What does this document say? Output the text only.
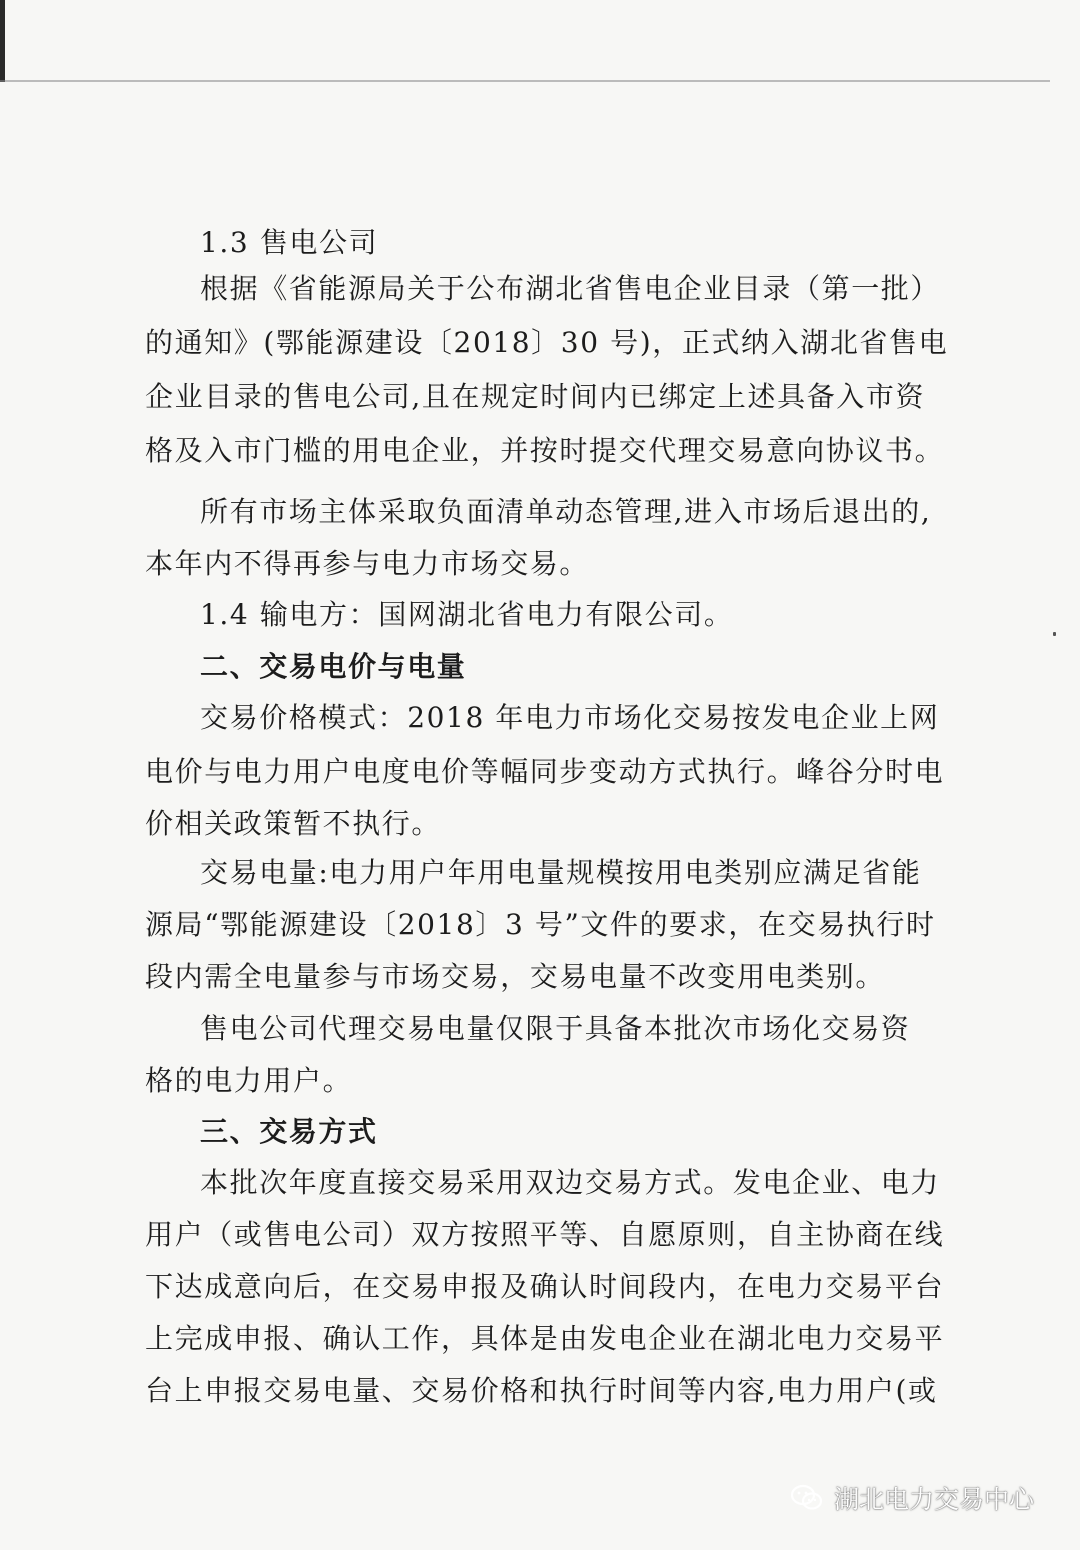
1.3 售电公司
根据《省能源局关于公布湖北省售电企业目录（第一批）
的通知》(鄂能源建设〔2018〕30 号)，正式纳入湖北省售电
企业目录的售电公司,且在规定时间内已绑定上述具备入市资
格及入市门槛的用电企业，并按时提交代理交易意向协议书。
所有市场主体采取负面清单动态管理,进入市场后退出的,
本年内不得再参与电力市场交易。
1.4 输电方：国网湖北省电力有限公司。
二、交易电价与电量
交易价格模式：2018 年电力市场化交易按发电企业上网
电价与电力用户电度电价等幅同步变动方式执行。峰谷分时电
价相关政策暂不执行。
交易电量:电力用户年用电量规模按用电类别应满足省能
源局“鄂能源建设〔2018〕3 号”文件的要求，在交易执行时
段内需全电量参与市场交易，交易电量不改变用电类别。
售电公司代理交易电量仅限于具备本批次市场化交易资
格的电力用户。
三、交易方式
本批次年度直接交易采用双边交易方式。发电企业、电力
用户（或售电公司）双方按照平等、自愿原则，自主协商在线
下达成意向后，在交易申报及确认时间段内，在电力交易平台
上完成申报、确认工作，具体是由发电企业在湖北电力交易平
台上申报交易电量、交易价格和执行时间等内容,电力用户(或
湖北电力交易中心
